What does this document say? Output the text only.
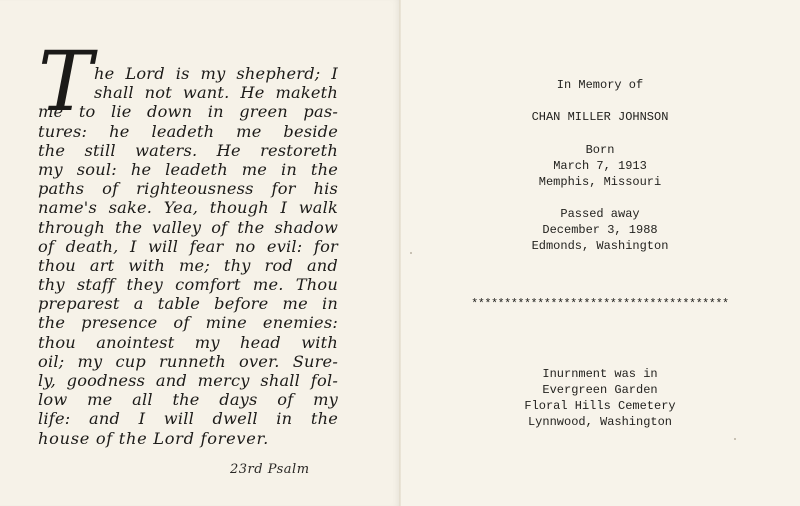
T he Lord is my shepherd; I
shall not want. He maketh
me to lie down in green pas-
tures: he leadeth me beside
the still waters. He restoreth
my soul: he leadeth me in the
paths of righteousness for his
name's sake. Yea, though I walk
through the valley of the shadow
of death, I will fear no evil: for
thou art with me; thy rod and
thy staff they comfort me. Thou
preparest a table before me in
the presence of mine enemies:
thou anointest my head with
oil; my cup runneth over. Sure-
ly, goodness and mercy shall fol-
low me all the days of my
life: and I will dwell in the
house of the Lord forever.
23rd Psalm
In Memory of
CHAN MILLER JOHNSON
Born
March 7, 1913
Memphis, Missouri
Passed away
December 3, 1988
Edmonds, Washington
***************************************
Inurnment was in
Evergreen Garden
Floral Hills Cemetery
Lynnwood, Washington
